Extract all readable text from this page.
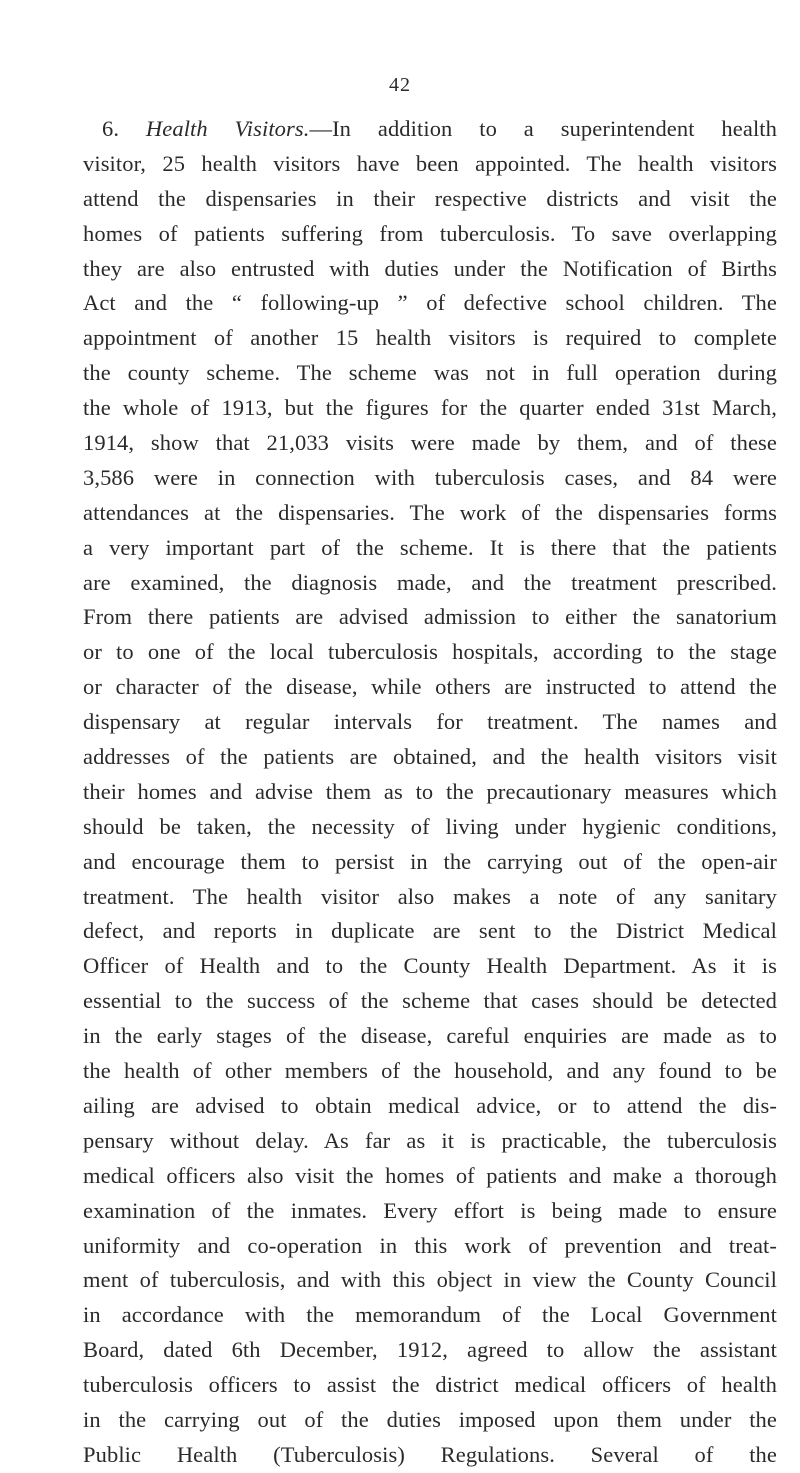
42
6. Health Visitors.—In addition to a superintendent health
visitor, 25 health visitors have been appointed. The health visitors
attend the dispensaries in their respective districts and visit the
homes of patients suffering from tuberculosis. To save overlapping
they are also entrusted with duties under the Notification of Births
Act and the “ following-up ” of defective school children. The
appointment of another 15 health visitors is required to complete
the county scheme. The scheme was not in full operation during
the whole of 1913, but the figures for the quarter ended 31st March,
1914, show that 21,033 visits were made by them, and of these
3,586 were in connection with tuberculosis cases, and 84 were
attendances at the dispensaries. The work of the dispensaries forms
a very important part of the scheme. It is there that the patients
are examined, the diagnosis made, and the treatment prescribed.
From there patients are advised admission to either the sanatorium
or to one of the local tuberculosis hospitals, according to the stage
or character of the disease, while others are instructed to attend the
dispensary at regular intervals for treatment. The names and
addresses of the patients are obtained, and the health visitors visit
their homes and advise them as to the precautionary measures which
should be taken, the necessity of living under hygienic conditions,
and encourage them to persist in the carrying out of the open-air
treatment. The health visitor also makes a note of any sanitary
defect, and reports in duplicate are sent to the District Medical
Officer of Health and to the County Health Department. As it is
essential to the success of the scheme that cases should be detected
in the early stages of the disease, careful enquiries are made as to
the health of other members of the household, and any found to be
ailing are advised to obtain medical advice, or to attend the dis-
pensary without delay. As far as it is practicable, the tuberculosis
medical officers also visit the homes of patients and make a thorough
examination of the inmates. Every effort is being made to ensure
uniformity and co-operation in this work of prevention and treat-
ment of tuberculosis, and with this object in view the County Council
in accordance with the memorandum of the Local Government
Board, dated 6th December, 1912, agreed to allow the assistant
tuberculosis officers to assist the district medical officers of health
in the carrying out of the duties imposed upon them under the
Public Health (Tuberculosis) Regulations. Several of the
